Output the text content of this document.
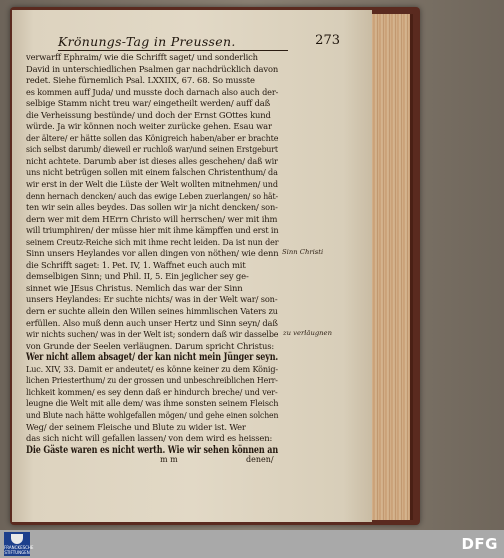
Krönungs-Tag in Preussen.	273
verwarff Ephraim/ wie die Schrifft saget/ und sonderlich
David in unterschiedlichen Psalmen gar nachdrücklich davon
redet. Siehe fürnemlich Psal. LXXIIX, 67. 68. So musste
es kommen auff Juda/ und musste doch darnach also auch der-
selbige Stamm nicht treu war/ eingetheilt werden/ auff daß
die Verheissung bestünde/ und doch der Ernst GOttes kund
würde. Ja wir können noch weiter zurücke gehen. Esau war
der ältere/ er hätte sollen das Königreich haben/aber er brachte
sich selbst darumb/ dieweil er ruchloß war/und seinen Erstgeburt
nicht achtete. Darumb aber ist dieses alles geschehen/ daß wir
uns nicht betrügen sollen mit einem falschen Christenthum/ da
wir erst in der Welt die Lüste der Welt wollten mitnehmen/ und
denn hernach dencken/ auch das ewige Leben zuerlangen/ so hät-
ten wir sein alles beydes. Das sollen wir ja nicht dencken/ son-
dern wer mit dem HErrn Christo will herrschen/ wer mit ihm
will triumphiren/ der müsse hier mit ihme kämpffen und erst in
seinem Creutz-Reiche sich mit ihme recht leiden. Da ist nun der
Sinn unsers Heylandes vor allen dingen von nöthen/ wie denn
die Schrifft saget: 1. Pet. IV, 1. Waffnet euch auch mit
demselbigen Sinn; und Phil. II, 5. Ein jeglicher sey ge-
sinnet wie JEsus Christus. Nemlich das war der Sinn
unsers Heylandes: Er suchte nichts/ was in der Welt war/ son-
dern er suchte allein den Willen seines himmlischen Vaters zu
erfüllen. Also muß denn auch unser Hertz und Sinn seyn/ daß
wir nichts suchen/ was in der Welt ist; sondern daß wir dasselbe
von Grunde der Seelen verläugnen. Darum spricht Christus:
Wer nicht allem absaget/ der kan nicht mein Jünger seyn.
Luc. XIV, 33. Damit er andeutet/ es könne keiner zu dem König-
lichen Priesterthum/ zu der grossen und unbeschreiblichen Herr-
lichkeit kommen/ es sey denn daß er hindurch breche/ und ver-
leugne die Welt mit alle dem/ was ihme sonsten seinem Fleisch
und Blute nach hätte wohlgefallen mögen/ und gehe einen solchen
Weg/ der seinem Fleische und Blute zu wider ist. Wer
das sich nicht will gefallen lassen/ von dem wird es heissen:
Die Gäste waren es nicht werth. Wie wir sehen können an
Sinn Christi
zu verläugnen
m m	denen/
FRANCKESCHE STIFTUNGEN	DFG
